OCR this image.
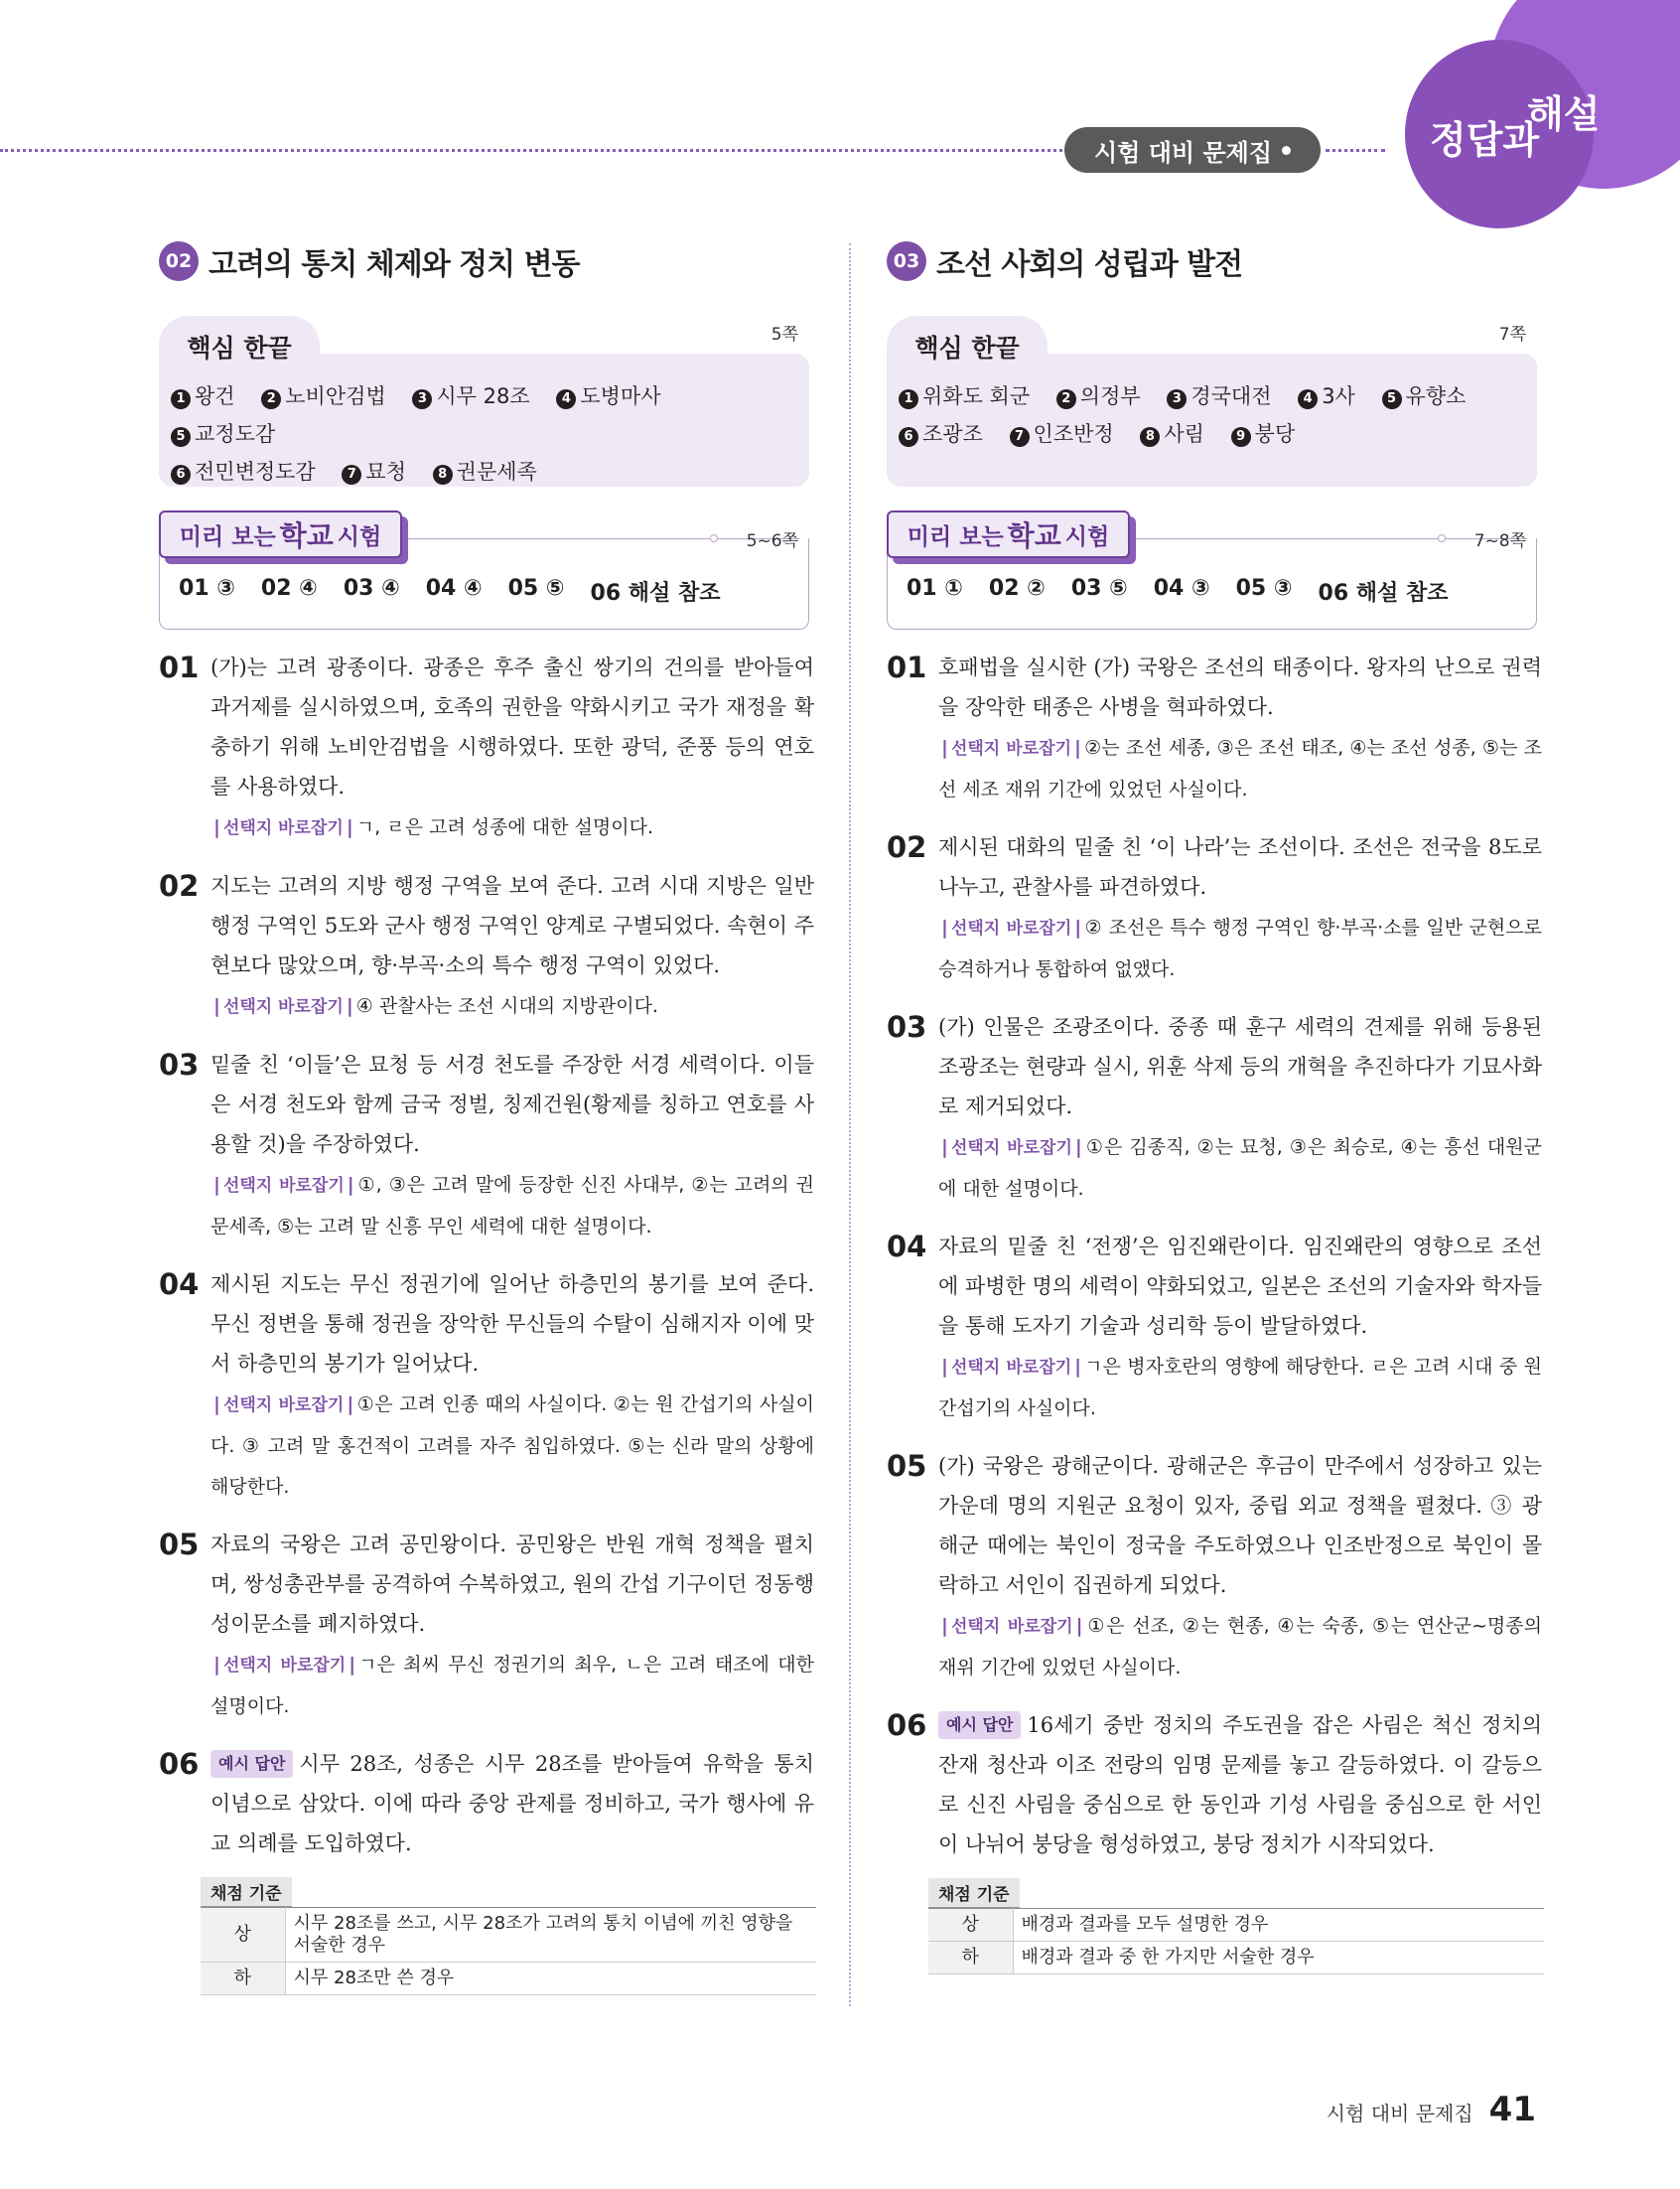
시험 대비 문제집	정답과
해설
02 고려의 통치 체제와 정치 변동
핵심 한끝	5쪽
1 왕건 2 노비안검법 3 시무 28조 4 도병마사 5 교정도감
6 전민변정도감 7 묘청 8 권문세족
미리 보는 학교 시험	5~6쪽
01 ③ 02 ④ 03 ④ 04 ④ 05 ⑤ 06 해설 참조
01 (가)는 고려 광종이다. 광종은 후주 출신 쌍기의 건의를 받아들여 과거제를 실시하였으며, 호족의 권한을 약화시키고 국가 재정을 확충하기 위해 노비안검법을 시행하였다. 또한 광덕, 준풍 등의 연호를 사용하였다.
| 선택지 바로잡기 | ㄱ, ㄹ은 고려 성종에 대한 설명이다.
02 지도는 고려의 지방 행정 구역을 보여 준다. 고려 시대 지방은 일반 행정 구역인 5도와 군사 행정 구역인 양계로 구별되었다. 속현이 주현보다 많았으며, 향·부곡·소의 특수 행정 구역이 있었다.
| 선택지 바로잡기 | ④ 관찰사는 조선 시대의 지방관이다.
03 밑줄 친 ‘이들’은 묘청 등 서경 천도를 주장한 서경 세력이다. 이들은 서경 천도와 함께 금국 정벌, 칭제건원(황제를 칭하고 연호를 사용할 것)을 주장하였다.
| 선택지 바로잡기 | ①, ③은 고려 말에 등장한 신진 사대부, ②는 고려의 권문세족, ⑤는 고려 말 신흥 무인 세력에 대한 설명이다.
04 제시된 지도는 무신 정권기에 일어난 하층민의 봉기를 보여 준다. 무신 정변을 통해 정권을 장악한 무신들의 수탈이 심해지자 이에 맞서 하층민의 봉기가 일어났다.
| 선택지 바로잡기 | ①은 고려 인종 때의 사실이다. ②는 원 간섭기의 사실이다. ③ 고려 말 홍건적이 고려를 자주 침입하였다. ⑤는 신라 말의 상황에 해당한다.
05 자료의 국왕은 고려 공민왕이다. 공민왕은 반원 개혁 정책을 펼치며, 쌍성총관부를 공격하여 수복하였고, 원의 간섭 기구이던 정동행성이문소를 폐지하였다.
| 선택지 바로잡기 | ㄱ은 최씨 무신 정권기의 최우, ㄴ은 고려 태조에 대한 설명이다.
06 예시 답안 시무 28조, 성종은 시무 28조를 받아들여 유학을 통치 이념으로 삼았다. 이에 따라 중앙 관제를 정비하고, 국가 행사에 유교 의례를 도입하였다.
채점 기준
상	시무 28조를 쓰고, 시무 28조가 고려의 통치 이념에 끼친 영향을 서술한 경우
하	시무 28조만 쓴 경우
03 조선 사회의 성립과 발전
핵심 한끝	7쪽
1 위화도 회군 2 의정부 3 경국대전 4 3사 5 유향소
6 조광조 7 인조반정 8 사림 9 붕당
미리 보는 학교 시험	7~8쪽
01 ① 02 ② 03 ⑤ 04 ③ 05 ③ 06 해설 참조
01 호패법을 실시한 (가) 국왕은 조선의 태종이다. 왕자의 난으로 권력을 장악한 태종은 사병을 혁파하였다.
| 선택지 바로잡기 | ②는 조선 세종, ③은 조선 태조, ④는 조선 성종, ⑤는 조선 세조 재위 기간에 있었던 사실이다.
02 제시된 대화의 밑줄 친 ‘이 나라’는 조선이다. 조선은 전국을 8도로 나누고, 관찰사를 파견하였다.
| 선택지 바로잡기 | ② 조선은 특수 행정 구역인 향·부곡·소를 일반 군현으로 승격하거나 통합하여 없앴다.
03 (가) 인물은 조광조이다. 중종 때 훈구 세력의 견제를 위해 등용된 조광조는 현량과 실시, 위훈 삭제 등의 개혁을 추진하다가 기묘사화로 제거되었다.
| 선택지 바로잡기 | ①은 김종직, ②는 묘청, ③은 최승로, ④는 흥선 대원군에 대한 설명이다.
04 자료의 밑줄 친 ‘전쟁’은 임진왜란이다. 임진왜란의 영향으로 조선에 파병한 명의 세력이 약화되었고, 일본은 조선의 기술자와 학자들을 통해 도자기 기술과 성리학 등이 발달하였다.
| 선택지 바로잡기 | ㄱ은 병자호란의 영향에 해당한다. ㄹ은 고려 시대 중 원 간섭기의 사실이다.
05 (가) 국왕은 광해군이다. 광해군은 후금이 만주에서 성장하고 있는 가운데 명의 지원군 요청이 있자, 중립 외교 정책을 펼쳤다. ③ 광해군 때에는 북인이 정국을 주도하였으나 인조반정으로 북인이 몰락하고 서인이 집권하게 되었다.
| 선택지 바로잡기 | ①은 선조, ②는 현종, ④는 숙종, ⑤는 연산군~명종의 재위 기간에 있었던 사실이다.
06 예시 답안 16세기 중반 정치의 주도권을 잡은 사림은 척신 정치의 잔재 청산과 이조 전랑의 임명 문제를 놓고 갈등하였다. 이 갈등으로 신진 사림을 중심으로 한 동인과 기성 사림을 중심으로 한 서인이 나뉘어 붕당을 형성하였고, 붕당 정치가 시작되었다.
채점 기준
상	배경과 결과를 모두 설명한 경우
하	배경과 결과 중 한 가지만 서술한 경우
시험 대비 문제집 41
